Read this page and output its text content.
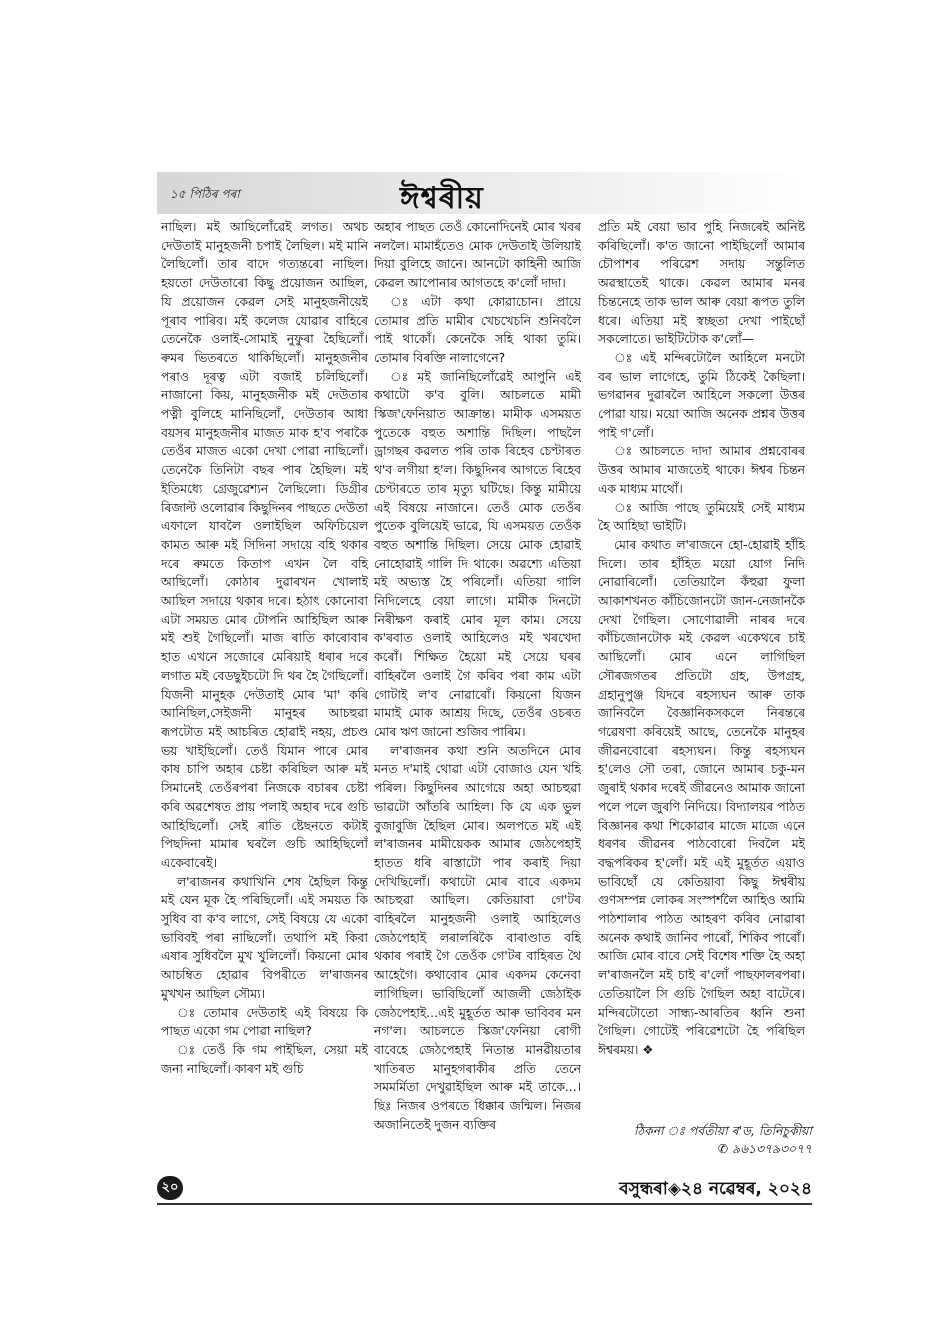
১৫ পিঠিৰ পৰা	ঈশ্বৰীয়

নাছিল। মই আছিলোঁৱেই লগত। অথচ দেউতাই মানুহজনী চপাই লৈছিল। মই মানি লৈছিলোঁ। তাৰ বাদে গত্যন্তৰো নাছিল। হয়তো দেউতাৰো কিছু প্ৰয়োজন আছিল, যি প্ৰয়োজন কেৱল সেই মানুহজনীয়েই পূৰাব পাৰিব। মই কলেজ যোৱাৰ বাহিৰে তেনেকৈ ওলাই-সোমাই নুফুৰা হৈছিলোঁ। ৰুমৰ ভিতৰতে থাকিছিলোঁ। মানুহজনীৰ পৰাও দূৰত্ব এটা বজাই চলিছিলোঁ। নাজানো কিয়, মানুহজনীক মই দেউতাৰ পত্নী বুলিহে মানিছিলোঁ, দেউতাৰ আধা বয়সৰ মানুহজনীৰ মাজত মাক হ'ব পৰাকৈ তেওঁৰ মাজত একো দেখা পোৱা নাছিলোঁ। তেনেকৈ তিনিটা বছৰ পাৰ হৈছিল। মই ইতিমধ্যে গ্ৰেজুৱেশ্যন লৈছিলো। ডিগ্ৰীৰ ৰিজাল্ট ওলোৱাৰ কিছুদিনৰ পাছতে দেউতা এফালে যাবলৈ ওলাইছিল অফিচিয়েল কামত আৰু মই সিদিনা সদায়ে বহি থকাৰ দৰে ৰুমতে কিতাপ এখন লৈ বহি আছিলোঁ। কোঠাৰ দুৱাৰখন খোলাই আছিল সদায়ে থকাৰ দৰে। হঠাৎ কোনোবা এটা সময়ত মোৰ টোপনি আহিছিল আৰু মই শুই গৈছিলোঁ। মাজ ৰাতি কাৰোবাৰ হাত এখনে সজোৰে মেৰিয়াই ধৰাৰ দৰে লগাত মই বেডছুইচটো দি থৰ হৈ গৈছিলোঁ। যিজনী মানুহক দেউতাই মোৰ 'মা' কৰি আনিছিল,সেইজনী মানুহৰ আচহুৱা ৰূপটোত মই আচৰিত হোৱাই নহয়, প্ৰচণ্ড ভয় খাইছিলোঁ। তেওঁ যিমান পাৰে মোৰ কাষ চাপি অহাৰ চেষ্টা কৰিছিল আৰু মই সিমানেই তেওঁৰপৰা নিজকে বচাৰৰ চেষ্টা কৰি অৱশেষত প্ৰায় পলাই অহাৰ দৰে গুচি আহিছিলোঁ। সেই ৰাতি ষ্টেছনতে কটাই পিছদিনা মামাৰ ঘৰলৈ গুচি আহিছিলোঁ একেবাৰেই।

ল'ৰাজনৰ কথাখিনি শেষ হৈছিল কিন্তু মই যেন মূক হৈ পৰিছিলোঁ। এই সময়ত কি সুধিব বা ক'ব লাগে, সেই বিষয়ে যে একো ভাবিবই পৰা নাছিলোঁ। তথাপি মই কিবা এষাৰ সুধিবলৈ মুখ খুলিলোঁ। কিয়নো মোৰ আচম্বিত হোৱাৰ বিপৰীতে ল'ৰাজনৰ মুখখন আছিল সৌম্য।

ঃ তোমাৰ দেউতাই এই বিষয়ে কি পাছত একো গম পোৱা নাছিল?

ঃ তেওঁ কি গম পাইছিল, সেয়া মই জনা নাছিলোঁ। কাৰণ মই গুচি

অহাৰ পাছত তেওঁ কোনোদিনেই মোৰ খবৰ নললৈ। মামাহঁতেও মোক দেউতাই উলিয়াই দিয়া বুলিহে জানে। আনটো কাহিনী আজি কেৱল আপোনাৰ আগতহে ক'লোঁ দাদা।

ঃ এটা কথা কোৱাচোন। প্ৰায়ে তোমাৰ প্ৰতি মামীৰ খেচখেচনি শুনিবলৈ পাই থাকোঁ। কেনেকৈ সহি থাকা তুমি। তোমাৰ বিৰক্তি নালাগেনে?

ঃ মই জানিছিলোঁৱেই আপুনি এই কথাটো ক'ব বুলি। আচলতে মামী স্কিজ'ফেনিয়াত আক্ৰান্ত। মামীক এসময়ত পুতেকে বহুত অশান্তি দিছিল। পাছলৈ ড্ৰাগছৰ কৱলত পৰি তাক ৰিহেব চেণ্টাৰত থ'ব লগীয়া হ'ল। কিছুদিনৰ আগতে ৰিহেব চেণ্টাৰতে তাৰ মৃত্যু ঘটিছে। কিন্তু মামীয়ে এই বিষয়ে নাজানে। তেওঁ মোক তেওঁৰ পুতেক বুলিয়েই ভাৱে, যি এসময়ত তেওঁক বহুত অশান্তি দিছিল। সেয়ে মোক হোৱাই নোহোৱাই গালি দি থাকে। অৱশ্যে এতিয়া মই অভ্যস্ত হৈ পৰিলোঁ। এতিয়া গালি নিদিলেহে বেয়া লাগে। মামীক দিনটো নিৰীক্ষণ কৰাই মোৰ মূল কাম। সেয়ে ক'ৰবাত ওলাই আহিলেও মই খৰখেদা কৰোঁ। শিক্ষিত হৈয়ো মই সেয়ে ঘৰৰ বাহিৰলৈ ওলাই গৈ কৰিব পৰা কাম এটা গোটাই ল'ব নোৱাৰোঁ। কিয়নো যিজন মামাই মোক আশ্ৰয় দিছে, তেওঁৰ ওচৰত মোৰ ঋণ জানো শুজিব পাৰিম।

ল'ৰাজনৰ কথা শুনি অতদিনে মোৰ মনত দ'মাই থোৱা এটা বোজাও যেন খহি পৰিল। কিছুদিনৰ আগেয়ে অহা আচহুৱা ভাৱটো আঁতৰি আহিল। কি যে এক ভুল বুজাবুজি হৈছিল মোৰ। অলপতে মই এই ল'ৰাজনৰ মামীয়েকক আমাৰ জেঠপেহাই হাতত ধৰি ৰাস্তাটো পাৰ কৰাই দিয়া দেখিছিলোঁ। কথাটো মোৰ বাবে একদম আচহুৱা আছিল। কেতিয়াবা গে'টৰ বাহিৰলৈ মানুহজনী ওলাই আহিলেও জেঠপেহাই লৰালৰিকৈ বাৰাণ্ডাত বহি থকাৰ পৰাই গৈ তেওঁক গে'টৰ বাহিৰত থৈ আহেগৈ। কথাবোৰ মোৰ একদম কেনেবা লাগিছিল। ভাবিছিলোঁ আজলী জেঠাইক জেঠপেহাই...এই মুহূৰ্তত আৰু ভাবিবৰ মন নগ'ল। আচলতে স্কিজ'ফেনিয়া ৰোগী বাবেহে জেঠপেহাই নিতান্ত মানৱীয়তাৰ খাতিৰত মানুহগৰাকীৰ প্ৰতি তেনে সমমৰ্মিতা দেখুৱাইছিল আৰু মই তাকে...। ছিঃ নিজৰ ওপৰতে ধিক্কাৰ জন্মিল। নিজৰ অজানিতেই দুজন ব্যক্তিৰ

প্ৰতি মই বেয়া ভাব পুহি নিজৰেই অনিষ্ট কৰিছিলোঁ। ক'ত জানো পাইছিলোঁ আমাৰ চৌপাশৰ পৰিৱেশ সদায় সন্তুলিত অৱস্থাতেই থাকে। কেৱল আমাৰ মনৰ চিন্তনেহে তাক ভাল আৰু বেয়া ৰূপত তুলি ধৰে। এতিয়া মই স্বচ্ছতা দেখা পাইছোঁ সকলোতে। ভাইটিটোক ক'লোঁ—

ঃ এই মন্দিৰটোলৈ আহিলে মনটো বৰ ভাল লাগেহে, তুমি ঠিকেই কৈছিলা। ভগৱানৰ দুৱাৰলৈ আহিলে সকলো উত্তৰ পোৱা যায়। ময়ো আজি অনেক প্ৰশ্নৰ উত্তৰ পাই গ'লোঁ।

ঃ আচলতে দাদা আমাৰ প্ৰশ্নবোৰৰ উত্তৰ আমাৰ মাজতেই থাকে। ঈশ্বৰ চিন্তন এক মাধ্যম মাথোঁ।

ঃ আজি পাছে তুমিয়েই সেই মাধ্যম হৈ আহিছা ভাইটি।

মোৰ কথাত ল'ৰাজনে হো-হোৱাই হাঁহি দিলে। তাৰ হাঁহিত ময়ো যোগ নিদি নোৱাৰিলোঁ। তেতিয়ালৈ কঁহুৱা ফুলা আকাশখনত কাঁচিজোনটো জান-নেজানকৈ দেখা গৈছিল। সোণোৱালী নাৰৰ দৰে কাঁচিজোনটোক মই কেৱল একেথৰে চাই আছিলোঁ। মোৰ এনে লাগিছিল সৌৰজগতৰ প্ৰতিটো গ্ৰহ, উপগ্ৰহ, গ্ৰহানুপুঞ্জ যিদৰে ৰহস্যঘন আৰু তাক জানিবলৈ বৈজ্ঞানিকসকলে নিৰন্তৰে গৱেষণা কৰিয়েই আছে, তেনেকৈ মানুহৰ জীৱনবোৰো ৰহস্যঘন। কিন্তু ৰহস্যঘন হ'লেও সৌ তৰা, জোনে আমাৰ চকু-মন জুৰাই থকাৰ দৰেই জীৱনেও আমাক জানো পলে পলে জুৰণি নিদিয়ে। বিদ্যালয়ৰ পাঠত বিজ্ঞানৰ কথা শিকোৱাৰ মাজে মাজে এনে ধৰণৰ জীৱনৰ পাঠবোৰো দিবলৈ মই বদ্ধপৰিকৰ হ'লোঁ। মই এই মুহূৰ্তত এয়াও ভাবিছোঁ যে কেতিয়াবা কিছু ঈশ্বৰীয় গুণসম্পন্ন লোকৰ সংস্পৰ্শলৈ আহিও আমি পাঠশালাৰ পাঠত আহৰণ কৰিব নোৱাৰা অনেক কথাই জানিব পাৰোঁ, শিকিব পাৰোঁ। আজি মোৰ বাবে সেই বিশেষ শক্তি হৈ অহা ল'ৰাজনলৈ মই চাই ৰ'লোঁ পাছফালৰপৰা। তেতিয়ালৈ সি গুচি গৈছিল অহা বাটেৰে। মন্দিৰটোতো সান্ধ্য-আৰতিৰ ধ্বনি শুনা গৈছিল। গোটেই পৰিৱেশটো হৈ পৰিছিল ঈশ্বৰময়। ❖

ঠিকনা ঃ পৰ্বতীয়া ৰ'ড, তিনিচুকীয়া
✆ ৯৬১৩৭৯৩০৭৭
২০	বসুন্ধৰা◈২৪ নৱেম্বৰ, ২০২৪
